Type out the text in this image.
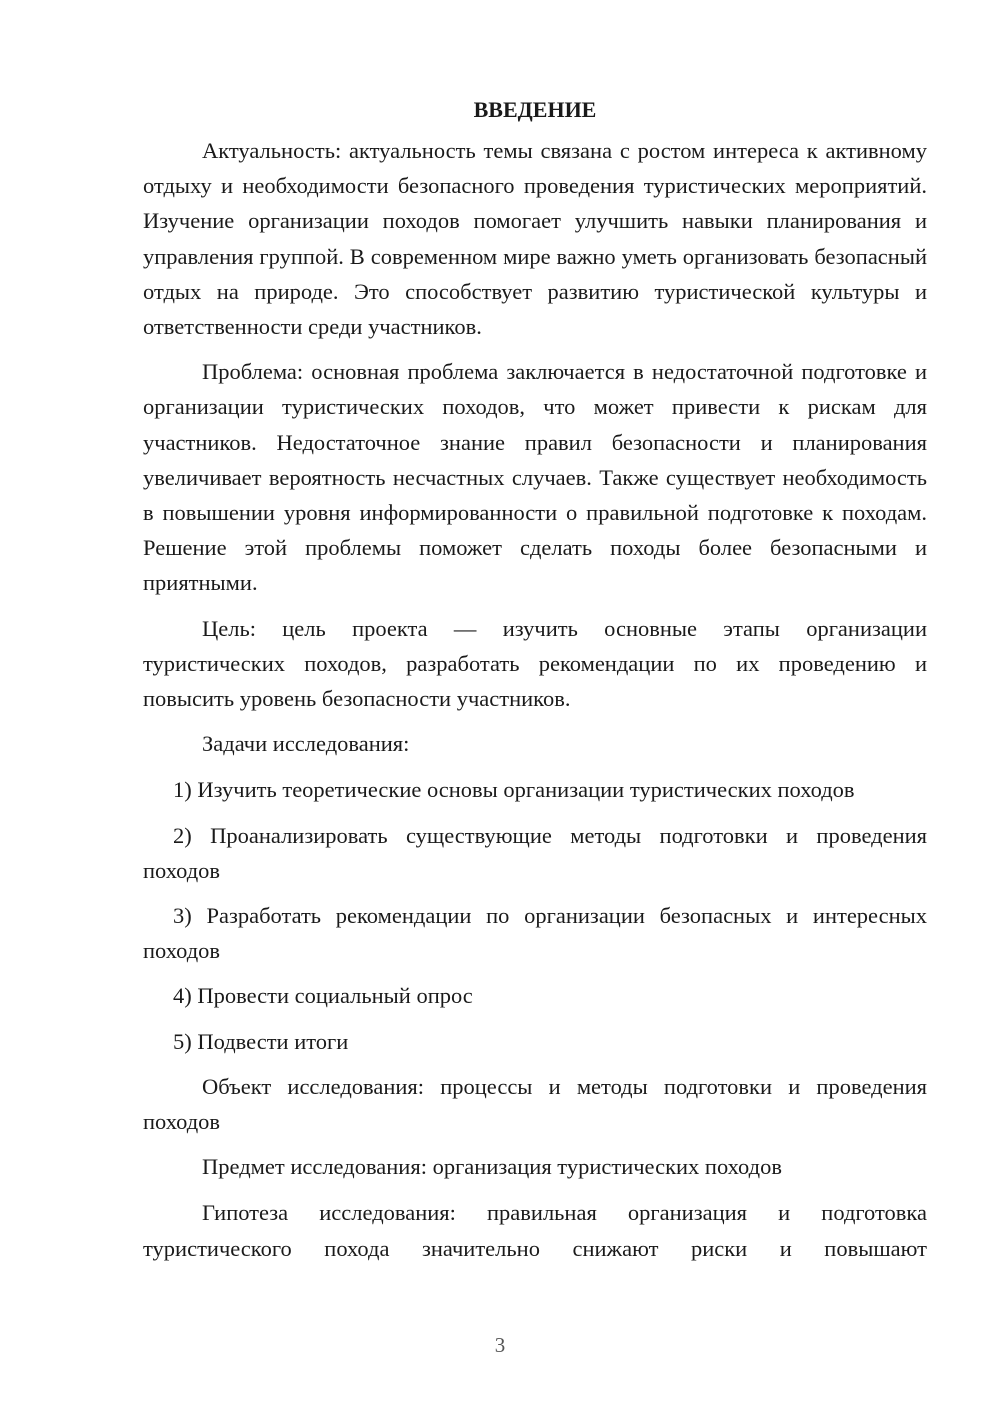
ВВЕДЕНИЕ

Актуальность: актуальность темы связана с ростом интереса к активному отдыху и необходимости безопасного проведения туристических мероприятий. Изучение организации походов помогает улучшить навыки планирования и управления группой. В современном мире важно уметь организовать безопасный отдых на природе. Это способствует развитию туристической культуры и ответственности среди участников.

Проблема: основная проблема заключается в недостаточной подготовке и организации туристических походов, что может привести к рискам для участников. Недостаточное знание правил безопасности и планирования увеличивает вероятность несчастных случаев. Также существует необходимость в повышении уровня информированности о правильной подготовке к походам. Решение этой проблемы поможет сделать походы более безопасными и приятными.

Цель: цель проекта — изучить основные этапы организации туристических походов, разработать рекомендации по их проведению и повысить уровень безопасности участников.

Задачи исследования:

1) Изучить теоретические основы организации туристических походов

2) Проанализировать существующие методы подготовки и проведения походов

3) Разработать рекомендации по организации безопасных и интересных походов

4) Провести социальный опрос

5) Подвести итоги

Объект исследования: процессы и методы подготовки и проведения походов

Предмет исследования: организация туристических походов

Гипотеза исследования: правильная организация и подготовка туристического похода значительно снижают риски и повышают

3
